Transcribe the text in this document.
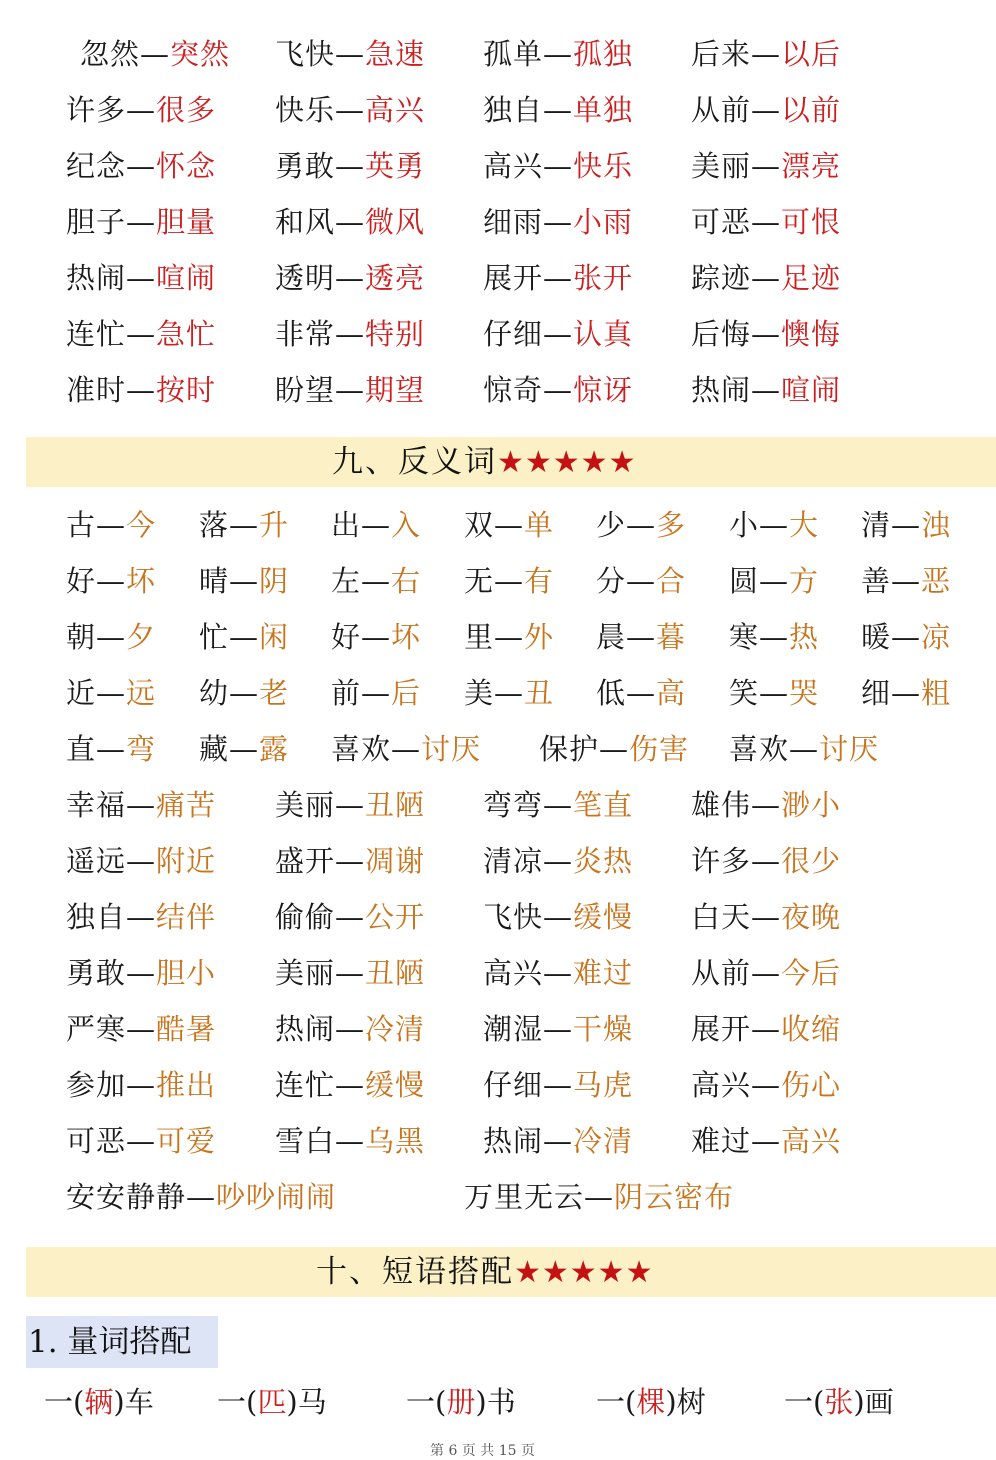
忽然—突然 飞快—急速 孤单—孤独 后来—以后
许多—很多 快乐—高兴 独自—单独 从前—以前
纪念—怀念 勇敢—英勇 高兴—快乐 美丽—漂亮
胆子—胆量 和风—微风 细雨—小雨 可恶—可恨
热闹—喧闹 透明—透亮 展开—张开 踪迹—足迹
连忙—急忙 非常—特别 仔细—认真 后悔—懊悔
准时—按时 盼望—期望 惊奇—惊讶 热闹—喧闹
九、反义词★★★★★
古—今 落—升 出—入 双—单 少—多 小—大 清—浊
好—坏 晴—阴 左—右 无—有 分—合 圆—方 善—恶
朝—夕 忙—闲 好—坏 里—外 晨—暮 寒—热 暖—凉
近—远 幼—老 前—后 美—丑 低—高 笑—哭 细—粗
直—弯 藏—露 喜欢—讨厌 保护—伤害 喜欢—讨厌
幸福—痛苦 美丽—丑陋 弯弯—笔直 雄伟—渺小
遥远—附近 盛开—凋谢 清凉—炎热 许多—很少
独自—结伴 偷偷—公开 飞快—缓慢 白天—夜晚
勇敢—胆小 美丽—丑陋 高兴—难过 从前—今后
严寒—酷暑 热闹—冷清 潮湿—干燥 展开—收缩
参加—推出 连忙—缓慢 仔细—马虎 高兴—伤心
可恶—可爱 雪白—乌黑 热闹—冷清 难过—高兴
安安静静—吵吵闹闹	万里无云—阴云密布
十、短语搭配★★★★★
1. 量词搭配
一(辆)车 一(匹)马	一(册)书	一(棵)树	一(张)画
第 6 页 共 15 页
